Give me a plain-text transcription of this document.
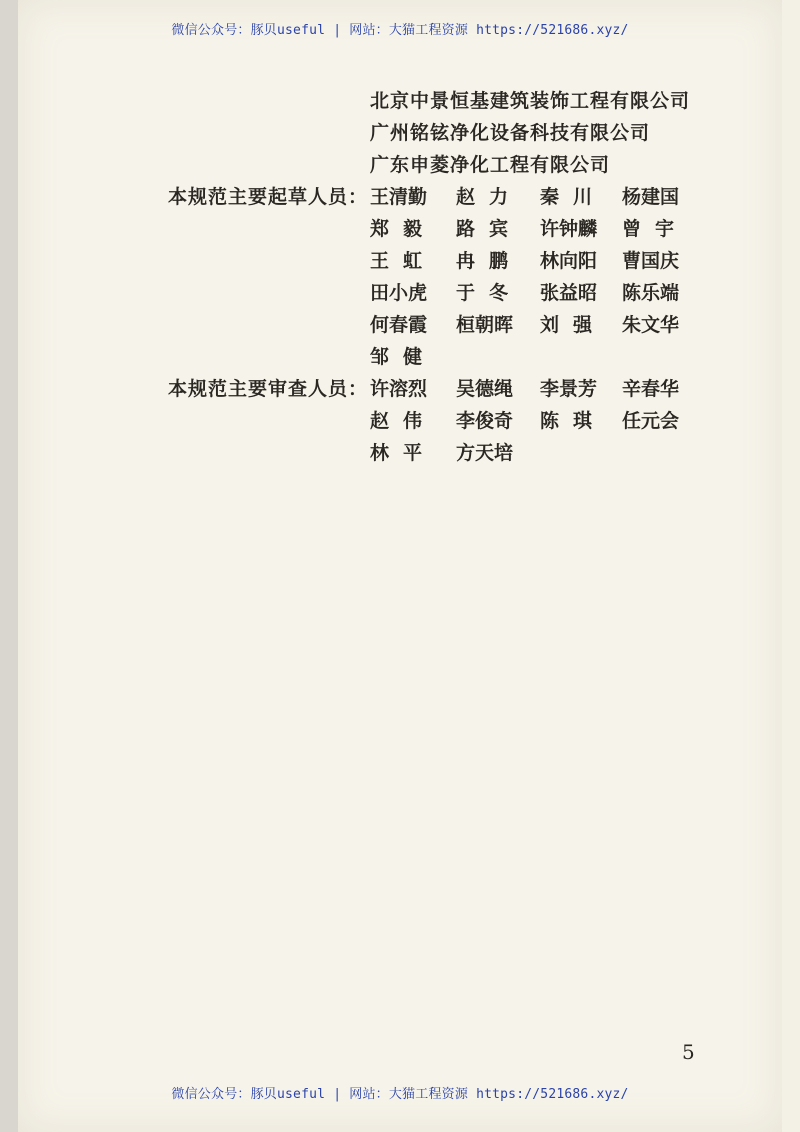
微信公众号：豚贝useful | 网站：大猫工程资源 https://521686.xyz/
北京中景恒基建筑装饰工程有限公司
广州铭铉净化设备科技有限公司
广东申菱净化工程有限公司
本规范主要起草人员： 王清勤 赵力 秦川 杨建国
郑毅 路宾 许钟麟 曾宇
王虹 冉鹏 林向阳 曹国庆
田小虎 于冬 张益昭 陈乐端
何春霞 桓朝晖 刘强 朱文华
邹健
本规范主要审查人员： 许溶烈 吴德绳 李景芳 辛春华
赵伟 李俊奇 陈琪 任元会
林平 方天培
5
微信公众号：豚贝useful | 网站：大猫工程资源 https://521686.xyz/
